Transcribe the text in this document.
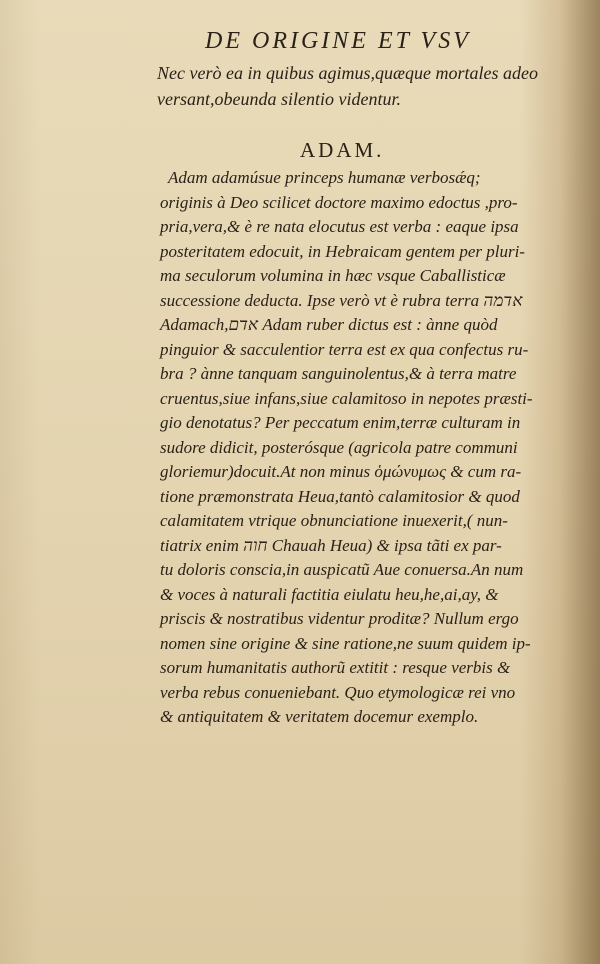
DE ORIGINE ET VSV
Nec verò ea in quibus agimus,quæque mortales adeo
versant,obeunda silentio videntur.
ADAM.
Adam adamúsue princeps humanæ verbosǽq;
originis à Deo scilicet doctore maximo edoctus ,pro-
pria,vera,& è re nata elocutus est verba : eaque ipsa
posteritatem edocuit, in Hebraicam gentem per pluri-
ma seculorum volumina in hæc vsque Caballisticæ
successione deducta. Ipse verò vt è rubra terra אדמה
Adamach,אדם Adam ruber dictus est : ànne quòd
pinguior & sacculentior terra est ex qua confectus ru-
bra ? ànne tanquam sanguinolentus,& à terra matre
cruentus,siue infans,siue calamitoso in nepotes præsti-
gio denotatus? Per peccatum enim,terræ culturam in
sudore didicit, posterósque (agricola patre communi
gloriemur)docuit.At non minus ὁμώνυμως & cum ra-
tione præmonstrata Heua,tantò calamitosior & quod
calamitatem vtrique obnunciatione inuexerit,( nun-
tiatrix enim חוה Chauah Heua) & ipsa tãti ex par-
tu doloris conscia,in auspicatũ Aue conuersa.An num
& voces à naturali factitia eiulatu heu,he,ai,ay, &
priscis & nostratibus videntur proditæ? Nullum ergo
nomen sine origine & sine ratione,ne suum quidem ip-
sorum humanitatis authorũ extitit : resque verbis &
verba rebus conueniebant. Quo etymologicæ rei vno
& antiquitatem & veritatem docemur exemplo.
